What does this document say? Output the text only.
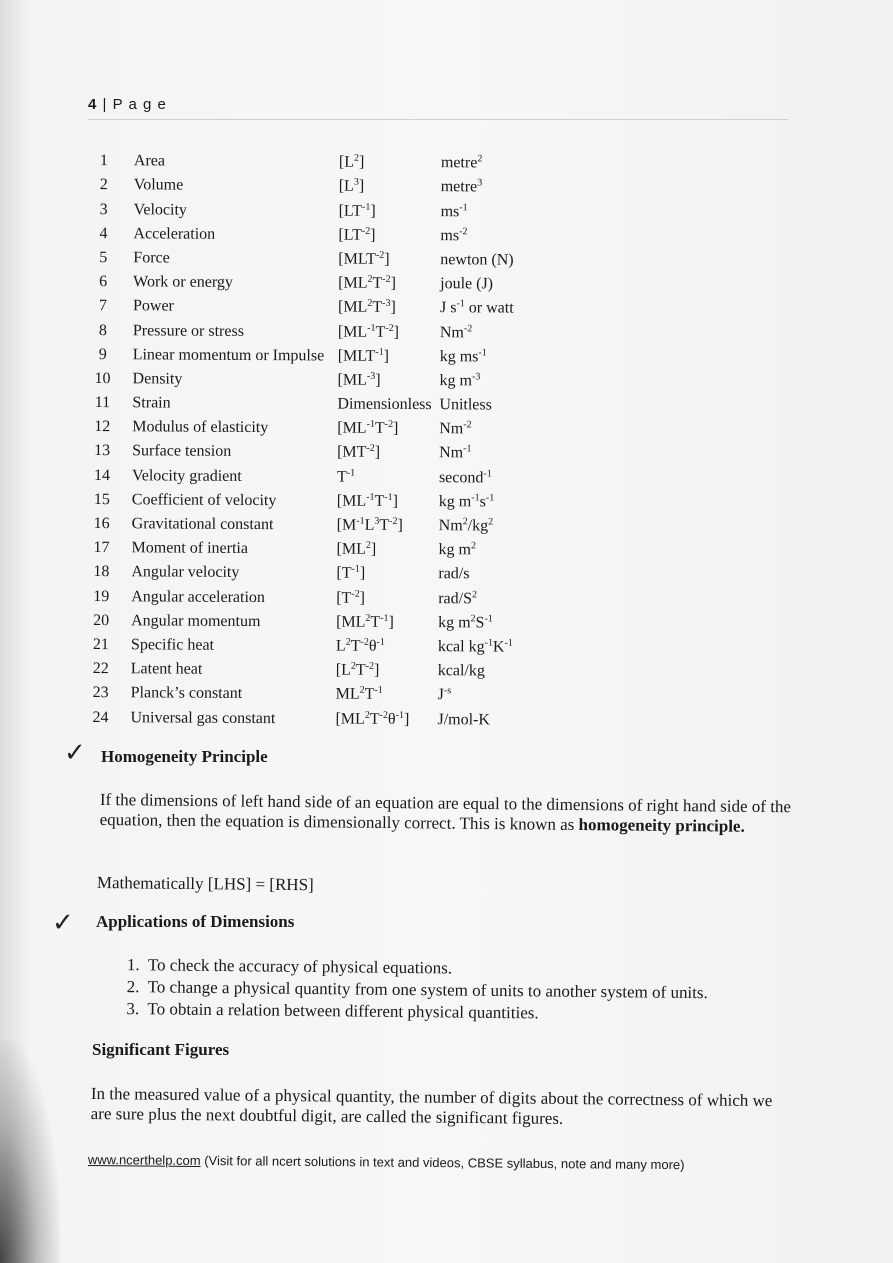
4 | P a g e
1	Area	$[L^2]$	metre$^2$
2	Volume	$[L^3]$	metre$^3$
3	Velocity	$[LT^{-1}]$	$ms^{-1}$
4	Acceleration	$[LT^{-2}]$	$ms^{-2}$
5	Force	$[MLT^{-2}]$	newton (N)
6	Work or energy	$[ML^2T^{-2}]$	joule (J)
7	Power	$[ML^2T^{-3}]$	J $s^{-1}$ or watt
8	Pressure or stress	$[ML^{-1}T^{-2}]$	$Nm^{-2}$
9	Linear momentum or Impulse	$[MLT^{-1}]$	kg $ms^{-1}$
10	Density	$[ML^{-3}]$	kg $m^{-3}$
11	Strain	Dimensionless	Unitless
12	Modulus of elasticity	$[ML^{-1}T^{-2}]$	$Nm^{-2}$
13	Surface tension	$[MT^{-2}]$	$Nm^{-1}$
14	Velocity gradient	$T^{-1}$	second$^{-1}$
15	Coefficient of velocity	$[ML^{-1}T^{-1}]$	kg $m^{-1}s^{-1}$
16	Gravitational constant	$[M^{-1}L^3T^{-2}]$	$Nm^2/kg^2$
17	Moment of inertia	$[ML^2]$	kg $m^2$
18	Angular velocity	$[T^{-1}]$	rad/s
19	Angular acceleration	$[T^{-2}]$	rad/$S^2$
20	Angular momentum	$[ML^2T^{-1}]$	kg $m^2S^{-1}$
21	Specific heat	$L^2T^{-2}\theta^{-1}$	kcal $kg^{-1}K^{-1}$
22	Latent heat	$[L^2T^{-2}]$	kcal/kg
23	Planck’s constant	$ML^2T^{-1}$	$J^{-s}$
24	Universal gas constant	$[ML^2T^{-2}\theta^{-1}]$	J/mol-K
✓ Homogeneity Principle
If the dimensions of left hand side of an equation are equal to the dimensions of right hand side of the equation, then the equation is dimensionally correct. This is known as homogeneity principle.
Mathematically [LHS] = [RHS]
✓ Applications of Dimensions
1. To check the accuracy of physical equations.
2. To change a physical quantity from one system of units to another system of units.
3. To obtain a relation between different physical quantities.
Significant Figures
In the measured value of a physical quantity, the number of digits about the correctness of which we are sure plus the next doubtful digit, are called the significant figures.
www.ncerthelp.com (Visit for all ncert solutions in text and videos, CBSE syllabus, note and many more)
